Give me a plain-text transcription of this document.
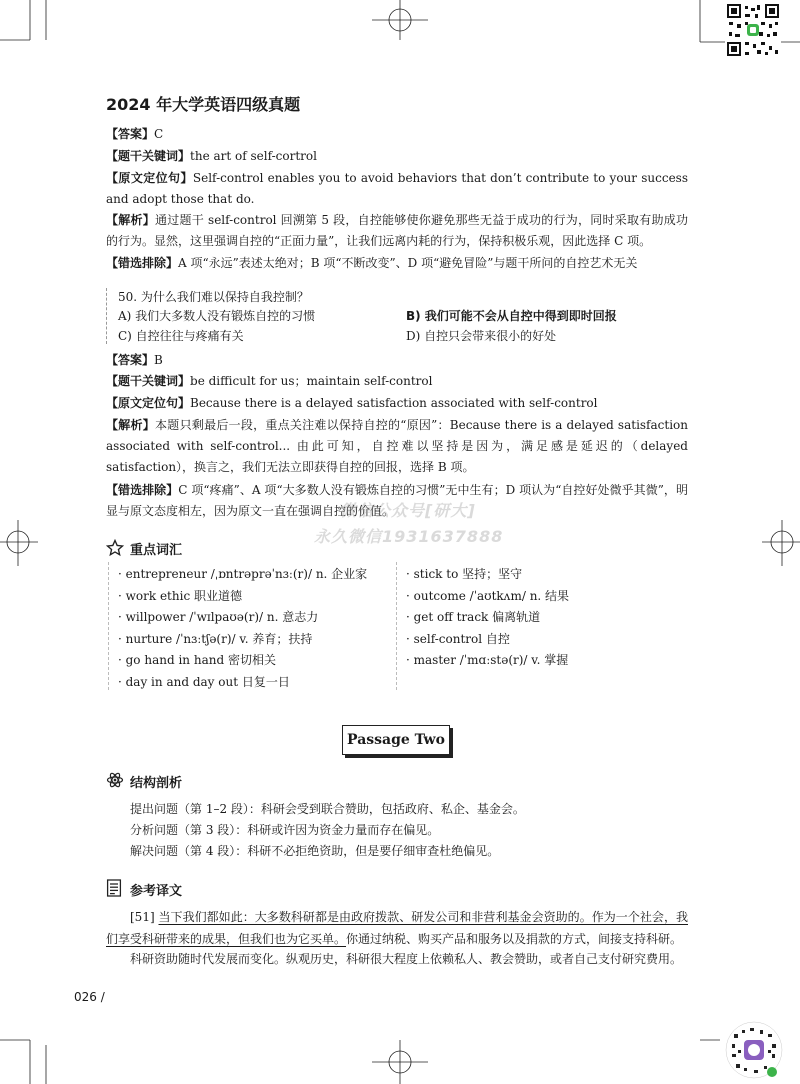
2024 年大学英语四级真题
【答案】C
【题干关键词】the art of self-cortrol
【原文定位句】Self-control enables you to avoid behaviors that don’t contribute to your success and adopt those that do.
【解析】通过题干 self-control 回溯第 5 段，自控能够使你避免那些无益于成功的行为，同时采取有助成功的行为。显然，这里强调自控的“正面力量”，让我们远离内耗的行为，保持积极乐观，因此选择 C 项。
【错选排除】A 项“永远”表述太绝对；B 项“不断改变”、D 项“避免冒险”与题干所问的自控艺术无关
50. 为什么我们难以保持自我控制？
A) 我们大多数人没有锻炼自控的习惯	B) 我们可能不会从自控中得到即时回报
C) 自控往往与疼痛有关	D) 自控只会带来很小的好处
【答案】B
【题干关键词】be difficult for us；maintain self-control
【原文定位句】Because there is a delayed satisfaction associated with self-control
【解析】本题只剩最后一段，重点关注难以保持自控的“原因”：Because there is a delayed satisfaction associated with self-control... 由此可知，自控难以坚持是因为，满足感是延迟的（delayed satisfaction），换言之，我们无法立即获得自控的回报，选择 B 项。
【错选排除】C 项“疼痛”、A 项“大多数人没有锻炼自控的习惯”无中生有；D 项认为“自控好处微乎其微”，明显与原文态度相左，因为原文一直在强调自控的价值。
微信公众号[研大]
永久微信1931637888
重点词汇
· entrepreneur /ˌɒntrəprəˈnɜː(r)/ n. 企业家
· work ethic 职业道德
· willpower /ˈwɪlpaʊə(r)/ n. 意志力
· nurture /ˈnɜːtʃə(r)/ v. 养育；扶持
· go hand in hand 密切相关
· day in and day out 日复一日
· stick to 坚持；坚守
· outcome /ˈaʊtkʌm/ n. 结果
· get off track 偏离轨道
· self-control 自控
· master /ˈmɑːstə(r)/ v. 掌握
Passage Two
结构剖析
提出问题（第 1–2 段）：科研会受到联合赞助，包括政府、私企、基金会。
分析问题（第 3 段）：科研或许因为资金力量而存在偏见。
解决问题（第 4 段）：科研不必拒绝资助，但是要仔细审查杜绝偏见。
参考译文
[51] 当下我们都如此：大多数科研都是由政府拨款、研发公司和非营利基金会资助的。作为一个社会，我们享受科研带来的成果，但我们也为它买单。你通过纳税、购买产品和服务以及捐款的方式，间接支持科研。
科研资助随时代发展而变化。纵观历史，科研很大程度上依赖私人、教会赞助，或者自己支付研究费用。
026 /
